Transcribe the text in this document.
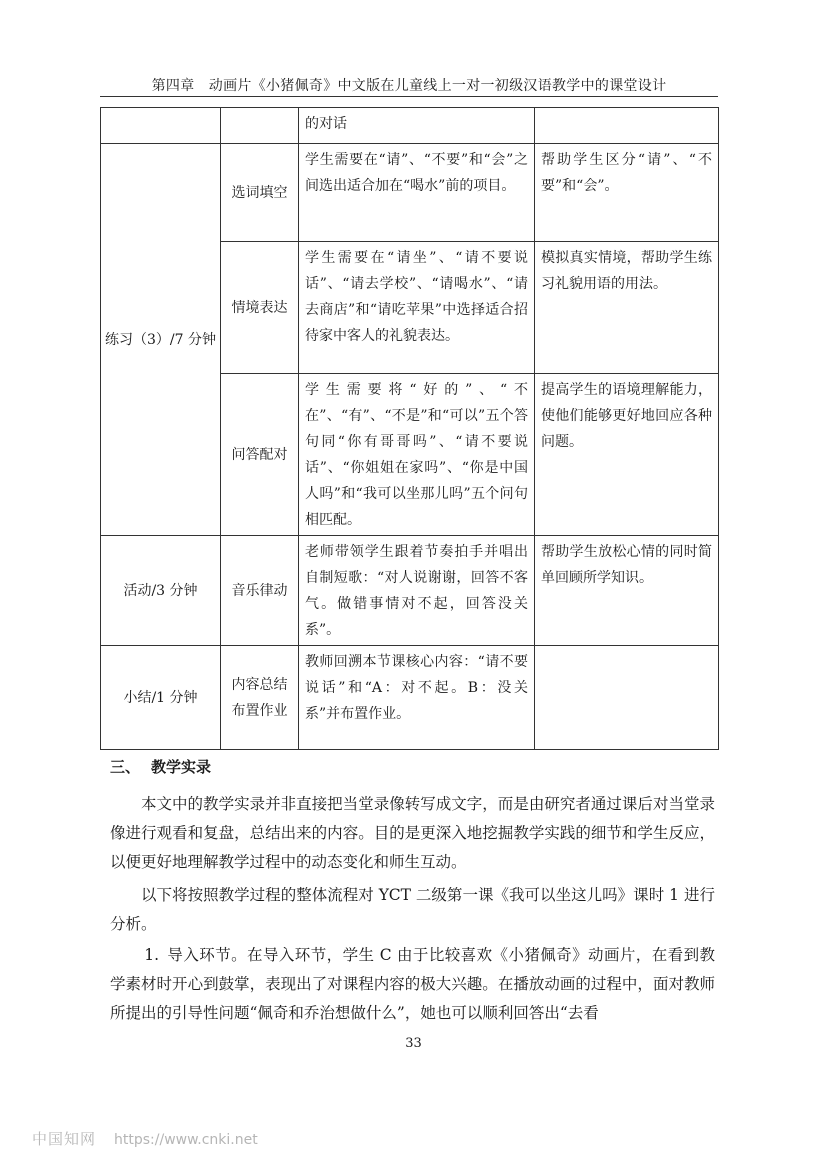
第四章　动画片《小猪佩奇》中文版在儿童线上一对一初级汉语教学中的课堂设计
		的对话	
练习（3）/7 分钟	选词填空	学生需要在“请”、“不要”和“会”之间选出适合加在“喝水”前的项目。	帮助学生区分“请”、“不要”和“会”。
	情境表达	学生需要在“请坐”、“请不要说话”、“请去学校”、“请喝水”、“请去商店”和“请吃苹果”中选择适合招待家中客人的礼貌表达。	模拟真实情境，帮助学生练习礼貌用语的用法。
	问答配对	学生需要将“好的”、“不在”、“有”、“不是”和“可以”五个答句同“你有哥哥吗”、“请不要说话”、“你姐姐在家吗”、“你是中国人吗”和“我可以坐那儿吗”五个问句相匹配。	提高学生的语境理解能力，使他们能够更好地回应各种问题。
活动/3 分钟	音乐律动	老师带领学生跟着节奏拍手并唱出自制短歌：“对人说谢谢，回答不客气。做错事情对不起，回答没关系”。	帮助学生放松心情的同时简单回顾所学知识。
小结/1 分钟	内容总结布置作业	教师回溯本节课核心内容：“请不要说话”和“A：对不起。B：没关系”并布置作业。	
三、 教学实录
本文中的教学实录并非直接把当堂录像转写成文字，而是由研究者通过课后对当堂录像进行观看和复盘，总结出来的内容。目的是更深入地挖掘教学实践的细节和学生反应，以便更好地理解教学过程中的动态变化和师生互动。
以下将按照教学过程的整体流程对 YCT 二级第一课《我可以坐这儿吗》课时 1 进行分析。
1. 导入环节。在导入环节，学生 C 由于比较喜欢《小猪佩奇》动画片，在看到教学素材时开心到鼓掌，表现出了对课程内容的极大兴趣。在播放动画的过程中，面对教师所提出的引导性问题“佩奇和乔治想做什么”，她也可以顺利回答出“去看
33
中国知网 https://www.cnki.net
